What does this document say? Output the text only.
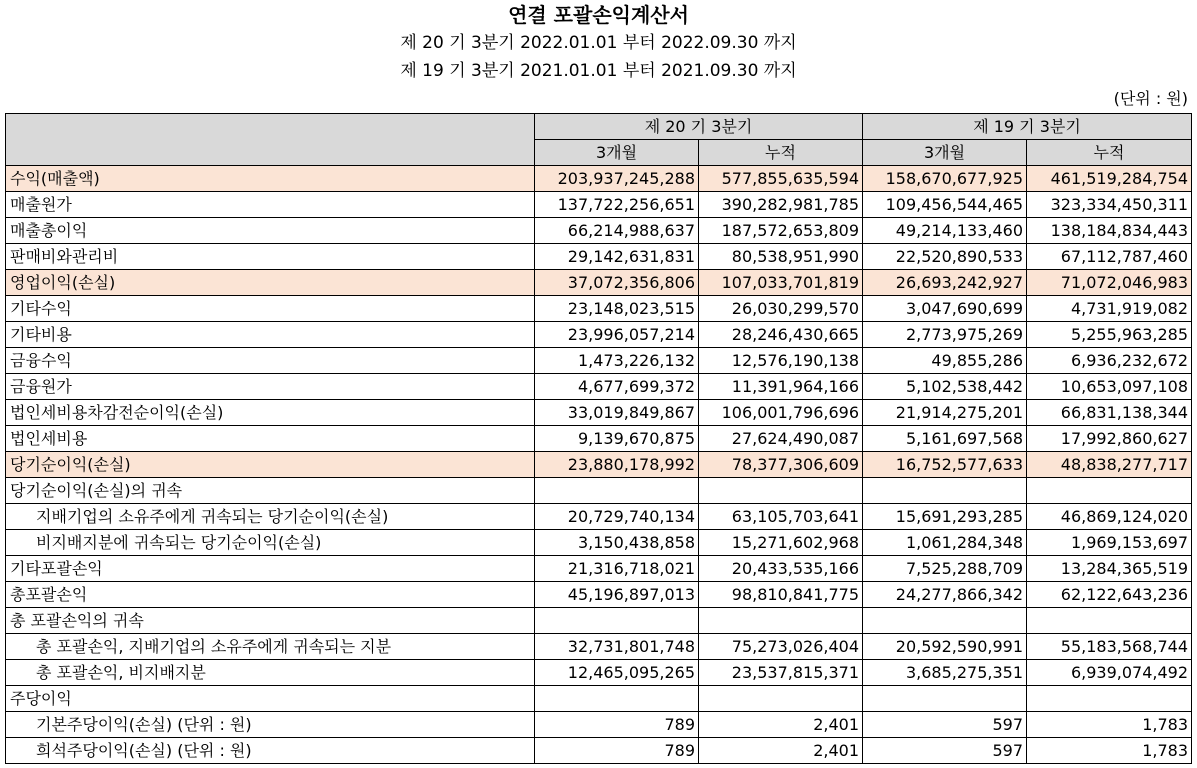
연결 포괄손익계산서
제 20 기 3분기 2022.01.01 부터 2022.09.30 까지
제 19 기 3분기 2021.01.01 부터 2021.09.30 까지
(단위 : 원)
	제 20 기 3분기		제 19 기 3분기	
	3개월	누적	3개월	누적
수익(매출액)	203,937,245,288	577,855,635,594	158,670,677,925	461,519,284,754
매출원가	137,722,256,651	390,282,981,785	109,456,544,465	323,334,450,311
매출총이익	66,214,988,637	187,572,653,809	49,214,133,460	138,184,834,443
판매비와관리비	29,142,631,831	80,538,951,990	22,520,890,533	67,112,787,460
영업이익(손실)	37,072,356,806	107,033,701,819	26,693,242,927	71,072,046,983
기타수익	23,148,023,515	26,030,299,570	3,047,690,699	4,731,919,082
기타비용	23,996,057,214	28,246,430,665	2,773,975,269	5,255,963,285
금융수익	1,473,226,132	12,576,190,138	49,855,286	6,936,232,672
금융원가	4,677,699,372	11,391,964,166	5,102,538,442	10,653,097,108
법인세비용차감전순이익(손실)	33,019,849,867	106,001,796,696	21,914,275,201	66,831,138,344
법인세비용	9,139,670,875	27,624,490,087	5,161,697,568	17,992,860,627
당기순이익(손실)	23,880,178,992	78,377,306,609	16,752,577,633	48,838,277,717
당기순이익(손실)의 귀속				
지배기업의 소유주에게 귀속되는 당기순이익(손실)	20,729,740,134	63,105,703,641	15,691,293,285	46,869,124,020
비지배지분에 귀속되는 당기순이익(손실)	3,150,438,858	15,271,602,968	1,061,284,348	1,969,153,697
기타포괄손익	21,316,718,021	20,433,535,166	7,525,288,709	13,284,365,519
총포괄손익	45,196,897,013	98,810,841,775	24,277,866,342	62,122,643,236
총 포괄손익의 귀속				
총 포괄손익, 지배기업의 소유주에게 귀속되는 지분	32,731,801,748	75,273,026,404	20,592,590,991	55,183,568,744
총 포괄손익, 비지배지분	12,465,095,265	23,537,815,371	3,685,275,351	6,939,074,492
주당이익				
기본주당이익(손실) (단위 : 원)	789	2,401	597	1,783
희석주당이익(손실) (단위 : 원)	789	2,401	597	1,783
